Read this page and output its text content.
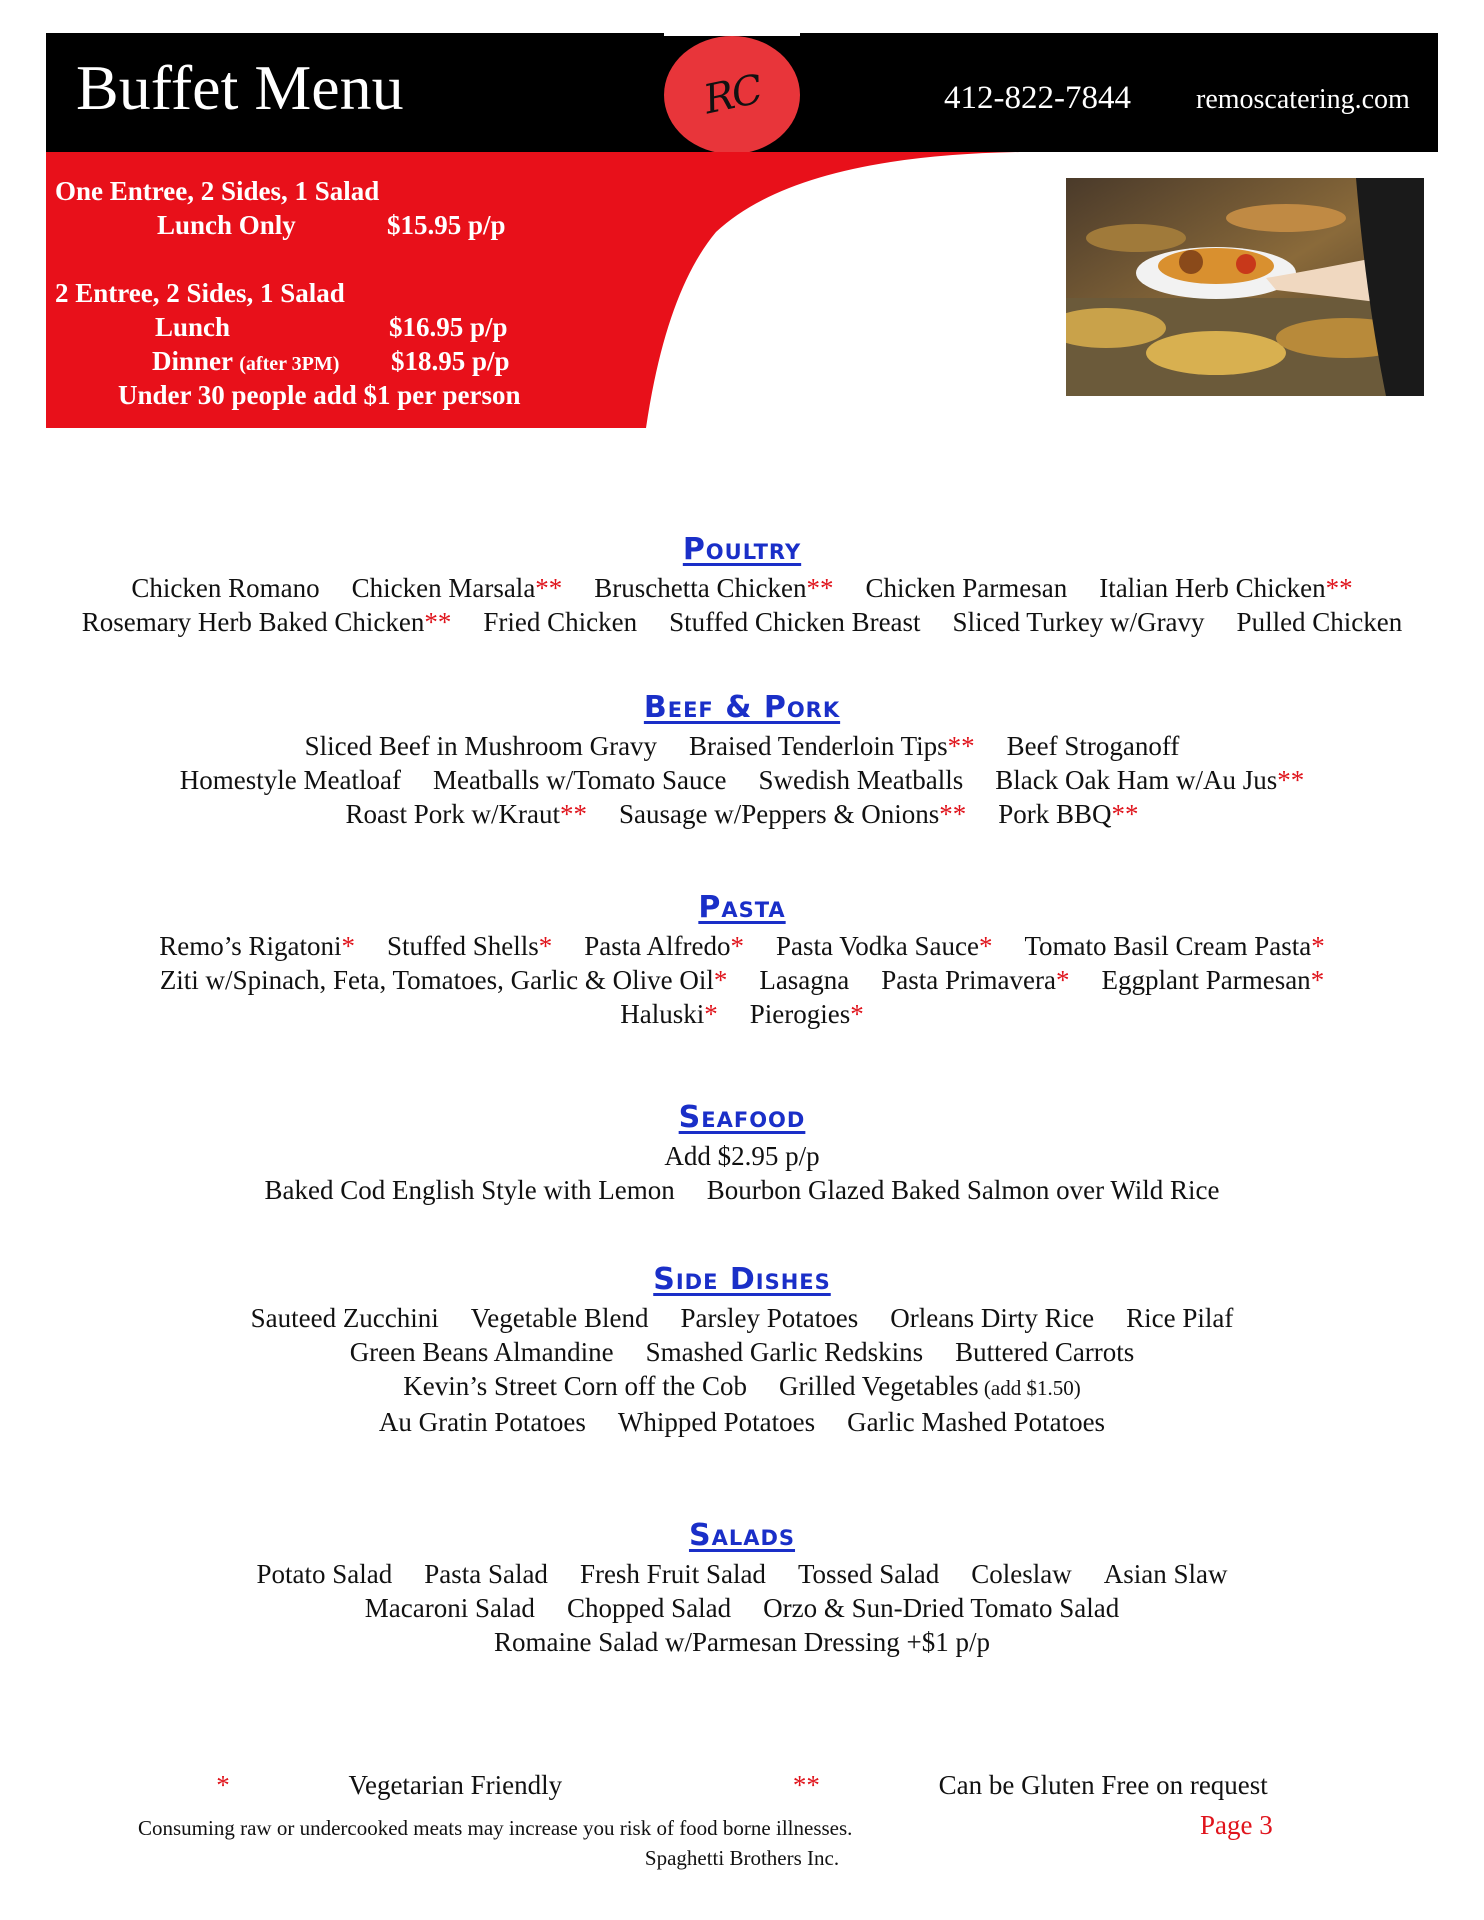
Buffet Menu	RC	412-822-7844 remoscatering.com
One Entree, 2 Sides, 1 Salad
Lunch Only	$15.95 p/p
2 Entree, 2 Sides, 1 Salad
Lunch	$16.95 p/p
Dinner (after 3PM) $18.95 p/p
Under 30 people add $1 per person
Poultry
Chicken Romano Chicken Marsala** Bruschetta Chicken** Chicken Parmesan Italian Herb Chicken**
Rosemary Herb Baked Chicken** Fried Chicken Stuffed Chicken Breast Sliced Turkey w/Gravy Pulled Chicken
Beef & Pork
Sliced Beef in Mushroom Gravy Braised Tenderloin Tips** Beef Stroganoff
Homestyle Meatloaf Meatballs w/Tomato Sauce Swedish Meatballs Black Oak Ham w/Au Jus**
Roast Pork w/Kraut** Sausage w/Peppers & Onions** Pork BBQ**
Pasta
Remo’s Rigatoni* Stuffed Shells* Pasta Alfredo* Pasta Vodka Sauce* Tomato Basil Cream Pasta*
Ziti w/Spinach, Feta, Tomatoes, Garlic & Olive Oil* Lasagna Pasta Primavera* Eggplant Parmesan*
Haluski* Pierogies*
Seafood
Add $2.95 p/p
Baked Cod English Style with Lemon Bourbon Glazed Baked Salmon over Wild Rice
Side Dishes
Sauteed Zucchini Vegetable Blend Parsley Potatoes Orleans Dirty Rice Rice Pilaf
Green Beans Almandine Smashed Garlic Redskins Buttered Carrots
Kevin’s Street Corn off the Cob Grilled Vegetables (add $1.50)
Au Gratin Potatoes Whipped Potatoes Garlic Mashed Potatoes
Salads
Potato Salad Pasta Salad Fresh Fruit Salad Tossed Salad Coleslaw Asian Slaw
Macaroni Salad Chopped Salad Orzo & Sun-Dried Tomato Salad
Romaine Salad w/Parmesan Dressing +$1 p/p
*	Vegetarian Friendly	**	Can be Gluten Free on request
Consuming raw or undercooked meats may increase you risk of food borne illnesses.	Page 3
Spaghetti Brothers Inc.
